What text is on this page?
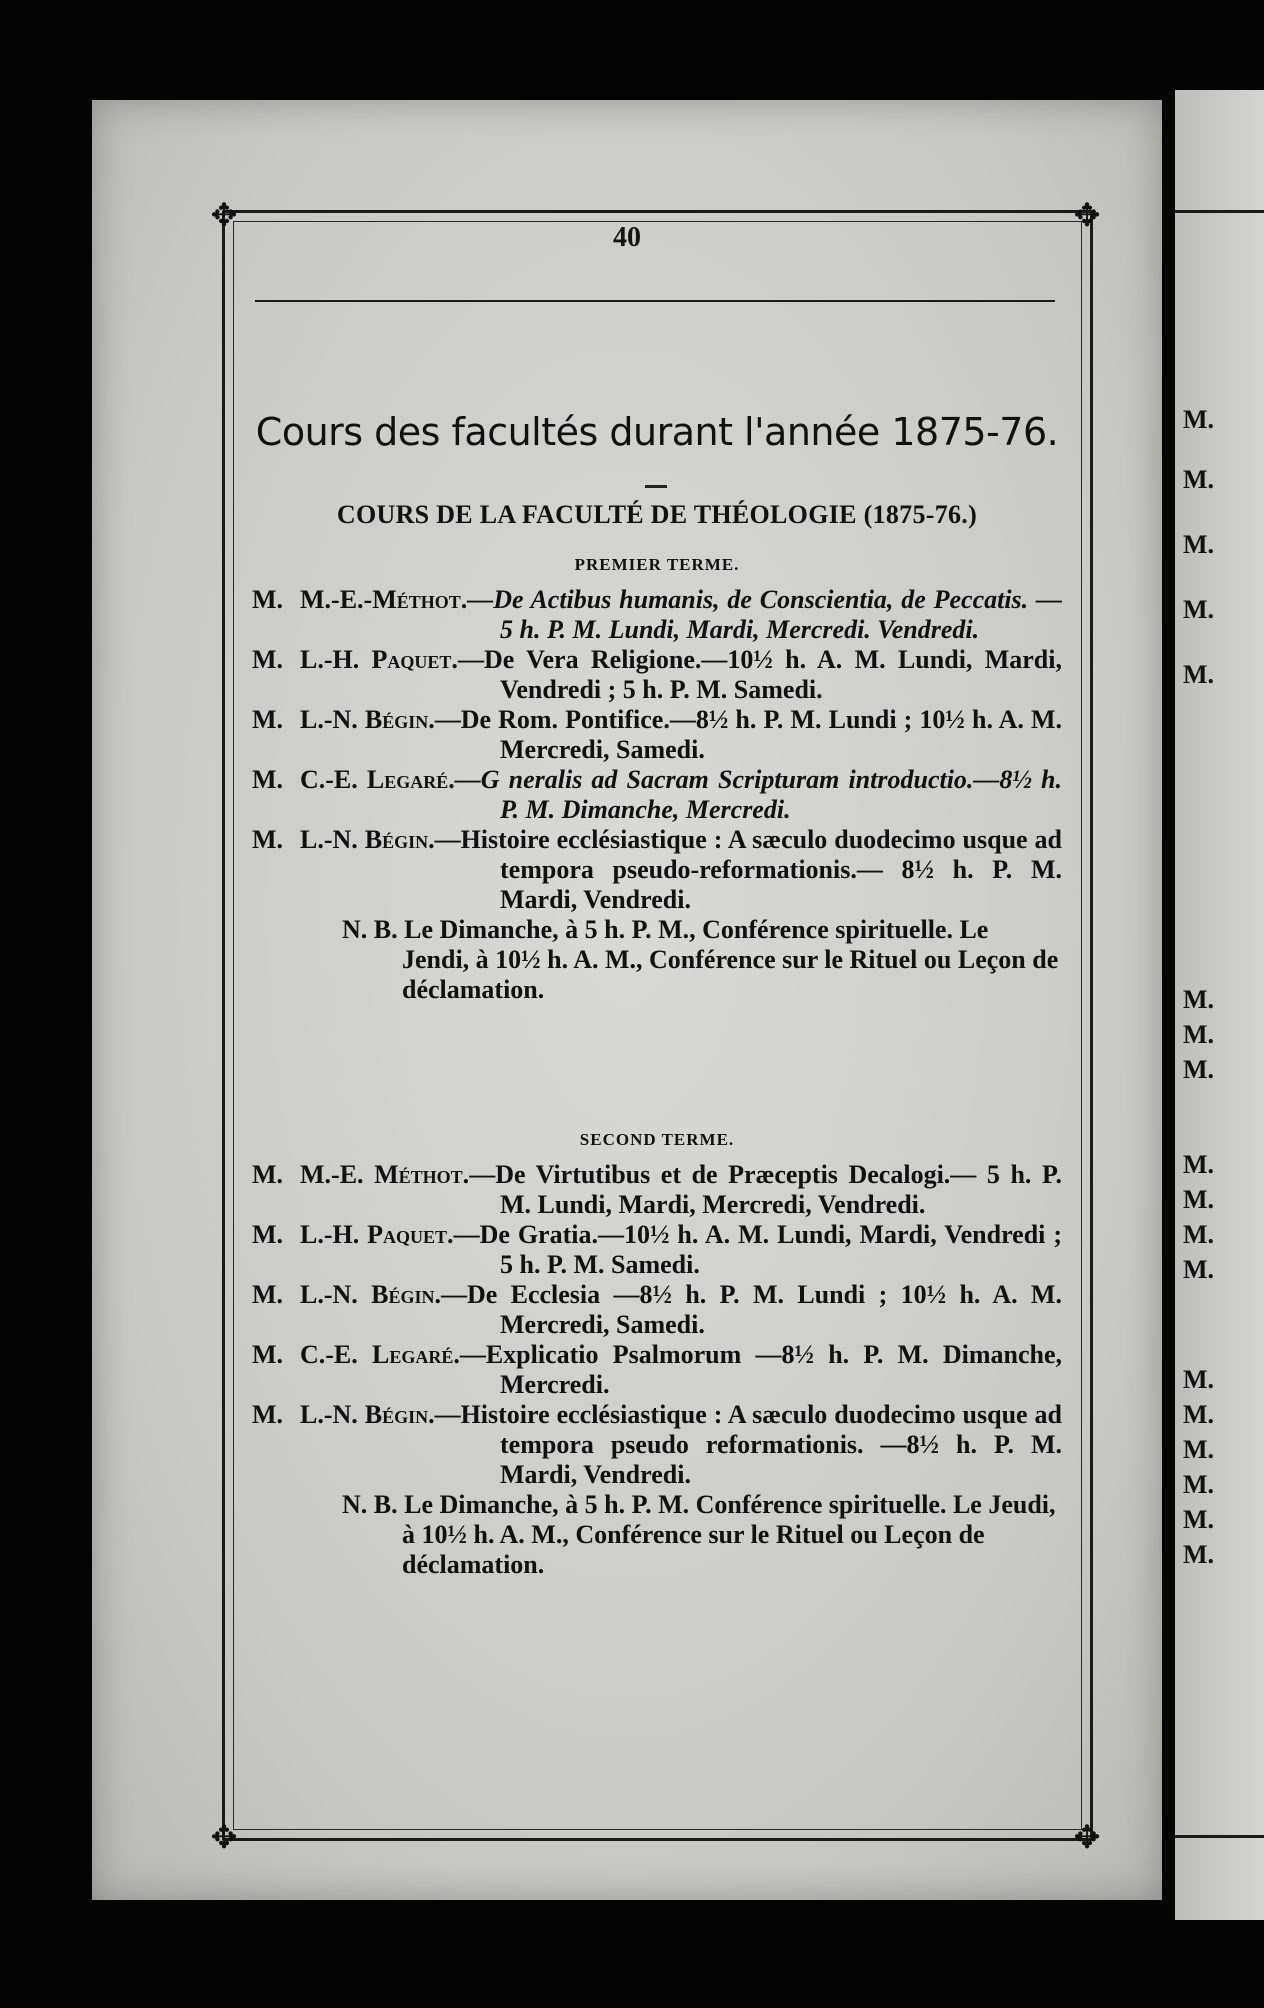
✥	✥
✥	✥
40
Cours des facultés durant l'année 1875-76.
COURS DE LA FACULTÉ DE THÉOLOGIE (1875-76.)
PREMIER TERME.
M. M.-E.-Méthot.—De Actibus humanis, de Conscientia, de Peccatis. —5 h. P. M. Lundi, Mardi, Mercredi. Vendredi.
M. L.-H. Paquet.—De Vera Religione.—10½ h. A. M. Lundi, Mardi, Vendredi ; 5 h. P. M. Samedi.
M. L.-N. Bégin.—De Rom. Pontifice.—8½ h. P. M. Lundi ; 10½ h. A. M. Mercredi, Samedi.
M. C.-E. Legaré.—G neralis ad Sacram Scripturam introductio.—8½ h. P. M. Dimanche, Mercredi.
M. L.-N. Bégin.—Histoire ecclésiastique : A sæculo duodecimo usque ad tempora pseudo-reformationis.— 8½ h. P. M. Mardi, Vendredi.
N. B. Le Dimanche, à 5 h. P. M., Conférence spirituelle. Le Jendi, à 10½ h. A. M., Conférence sur le Rituel ou Leçon de déclamation.
SECOND TERME.
M. M.-E. Méthot.—De Virtutibus et de Præceptis Decalogi.— 5 h. P. M. Lundi, Mardi, Mercredi, Vendredi.
M. L.-H. Paquet.—De Gratia.—10½ h. A. M. Lundi, Mardi, Vendredi ; 5 h. P. M. Samedi.
M. L.-N. Bégin.—De Ecclesia —8½ h. P. M. Lundi ; 10½ h. A. M. Mercredi, Samedi.
M. C.-E. Legaré.—Explicatio Psalmorum —8½ h. P. M. Dimanche, Mercredi.
M. L.-N. Bégin.—Histoire ecclésiastique : A sæculo duodecimo usque ad tempora pseudo reformationis. —8½ h. P. M. Mardi, Vendredi.
N. B. Le Dimanche, à 5 h. P. M. Conférence spirituelle. Le Jeudi, à 10½ h. A. M., Conférence sur le Rituel ou Leçon de déclamation.
M.
M.
M.
M.
M.
M.
M.
M.
M.
M.
M.
M.
M.
M.
M.
M.
M.
M.
